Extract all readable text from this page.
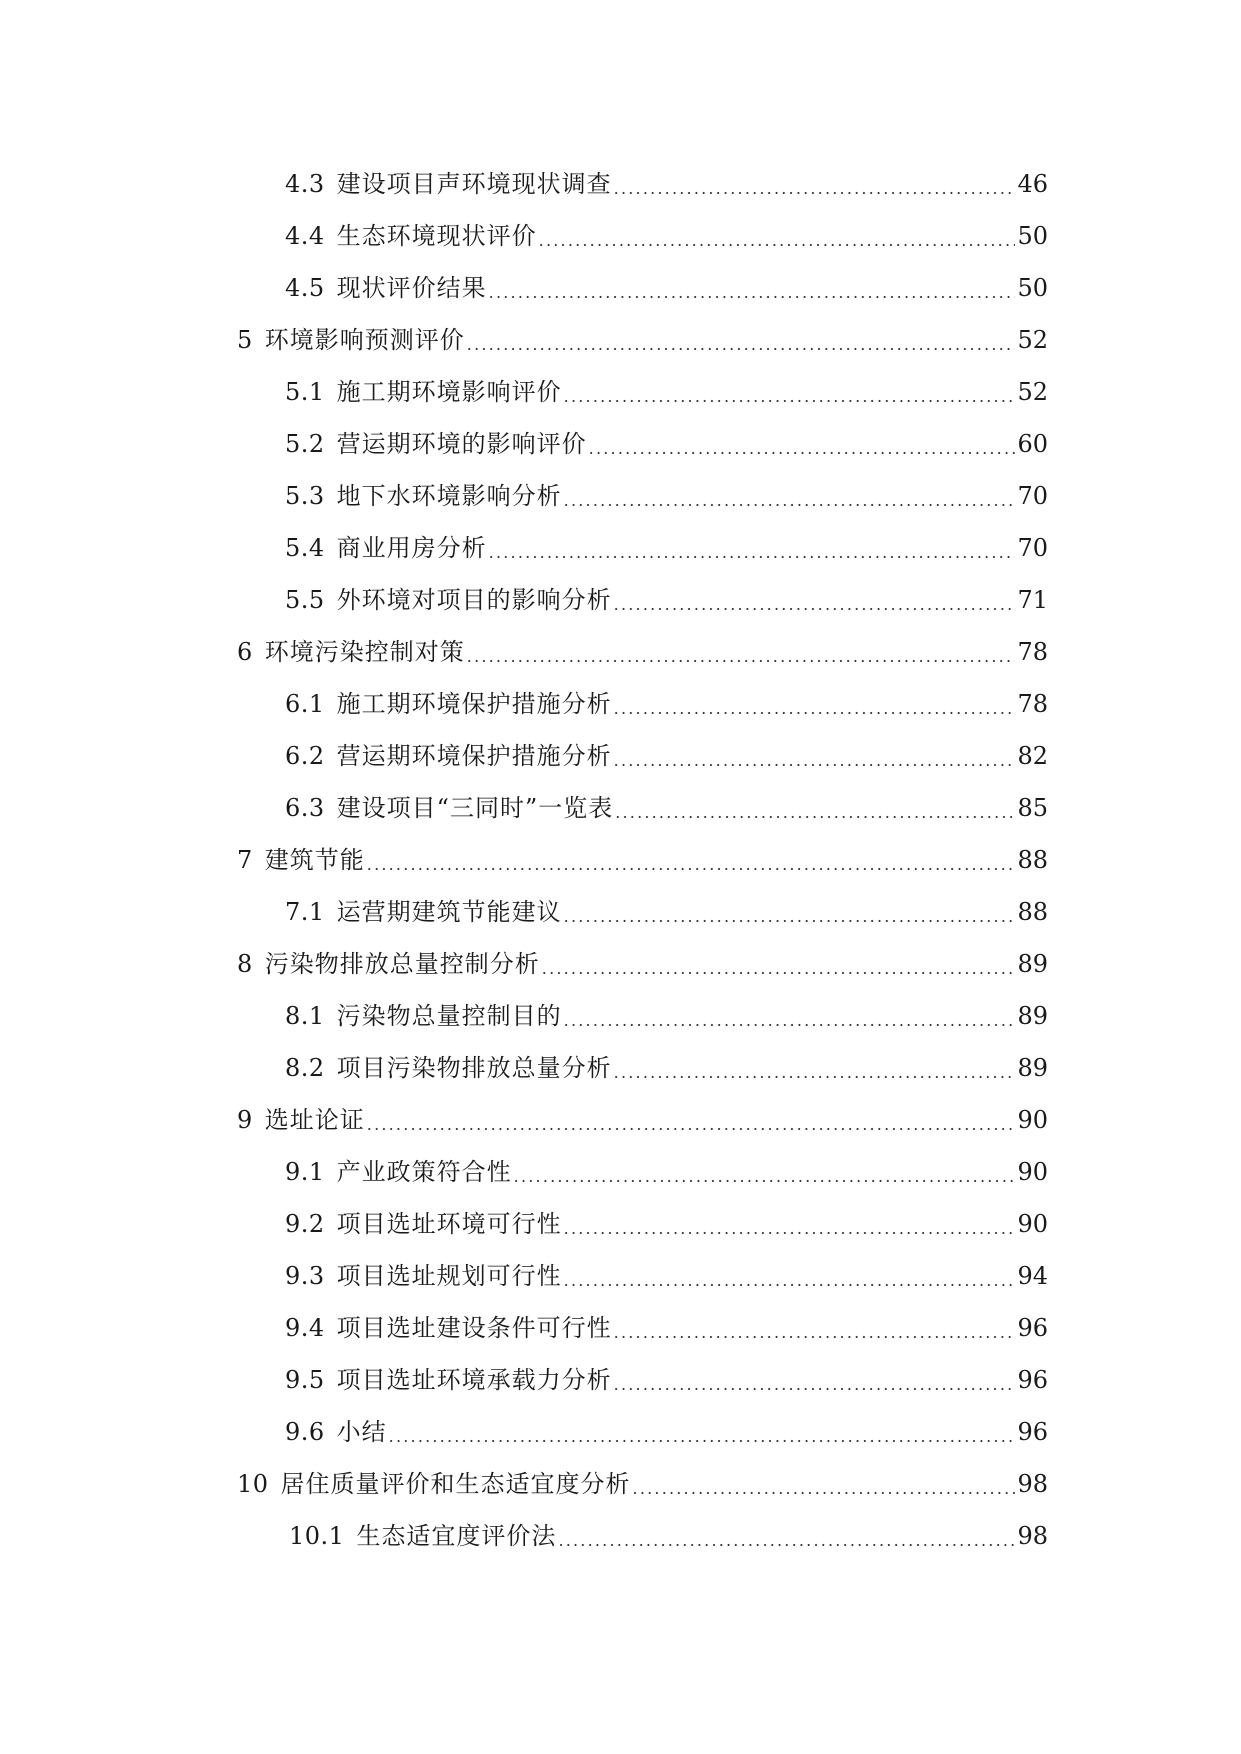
4.3 建设项目声环境现状调查 .....	46
4.4 生态环境现状评价 .....	50
4.5 现状评价结果 .....	50
5 环境影响预测评价 .....	52
5.1 施工期环境影响评价 .....	52
5.2 营运期环境的影响评价 .....	60
5.3 地下水环境影响分析 .....	70
5.4 商业用房分析 .....	70
5.5 外环境对项目的影响分析 .....	71
6 环境污染控制对策 .....	78
6.1 施工期环境保护措施分析 .....	78
6.2 营运期环境保护措施分析 .....	82
6.3 建设项目“三同时”一览表 .....	85
7 建筑节能 .....	88
7.1 运营期建筑节能建议 .....	88
8 污染物排放总量控制分析 .....	89
8.1 污染物总量控制目的 .....	89
8.2 项目污染物排放总量分析 .....	89
9 选址论证 .....	90
9.1 产业政策符合性 .....	90
9.2 项目选址环境可行性 .....	90
9.3 项目选址规划可行性 .....	94
9.4 项目选址建设条件可行性 .....	96
9.5 项目选址环境承载力分析 .....	96
9.6 小结 .....	96
10 居住质量评价和生态适宜度分析 .....	98
10.1 生态适宜度评价法 .....	98
